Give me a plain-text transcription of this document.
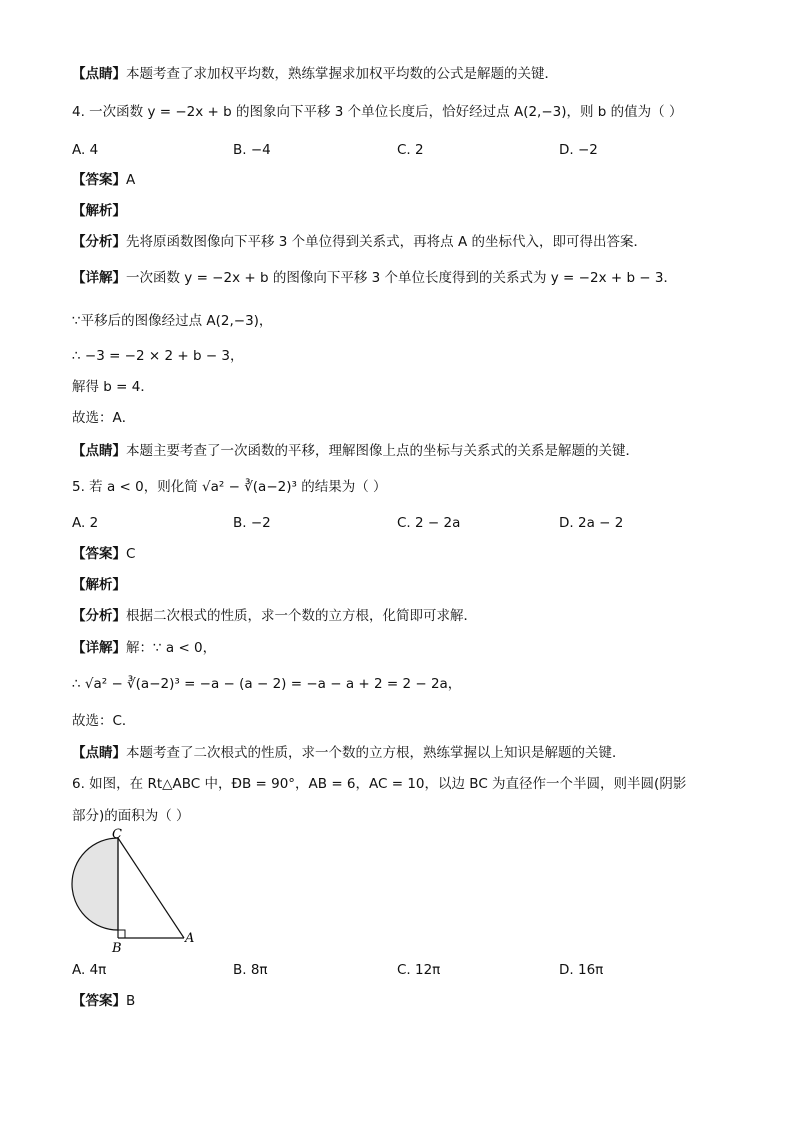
【点睛】本题考查了求加权平均数，熟练掌握求加权平均数的公式是解题的关键．
4. 一次函数 y = −2x + b 的图象向下平移 3 个单位长度后，恰好经过点 A(2,−3)，则 b 的值为（ ）
【答案】A
【解析】
【分析】先将原函数图像向下平移 3 个单位得到关系式，再将点 A 的坐标代入，即可得出答案．
【详解】一次函数 y = −2x + b 的图像向下平移 3 个单位长度得到的关系式为 y = −2x + b − 3．
∵平移后的图像经过点 A(2,−3)，
∴ −3 = −2 × 2 + b − 3，
解得 b = 4．
故选：A．
【点睛】本题主要考查了一次函数的平移，理解图像上点的坐标与关系式的关系是解题的关键．
5. 若 a < 0，则化简 √a² − ∛(a−2)³ 的结果为（ ）
【答案】C
【解析】
【分析】根据二次根式的性质，求一个数的立方根，化简即可求解．
【详解】解：∵ a < 0，
∴ √a² − ∛(a−2)³ = −a − (a − 2) = −a − a + 2 = 2 − 2a，
故选：C．
【点睛】本题考查了二次根式的性质，求一个数的立方根，熟练掌握以上知识是解题的关键．
6. 如图，在 Rt△ABC 中，ÐB = 90°，AB = 6，AC = 10，以边 BC 为直径作一个半圆，则半圆(阴影
部分)的面积为（ ）
【答案】B
A. 4	B. −4	C. 2	D. −2
A. 2	B. −2	C. 2 − 2a	D. 2a − 2
A. 4π	B. 8π	C. 12π	D. 16π
C
B
A
